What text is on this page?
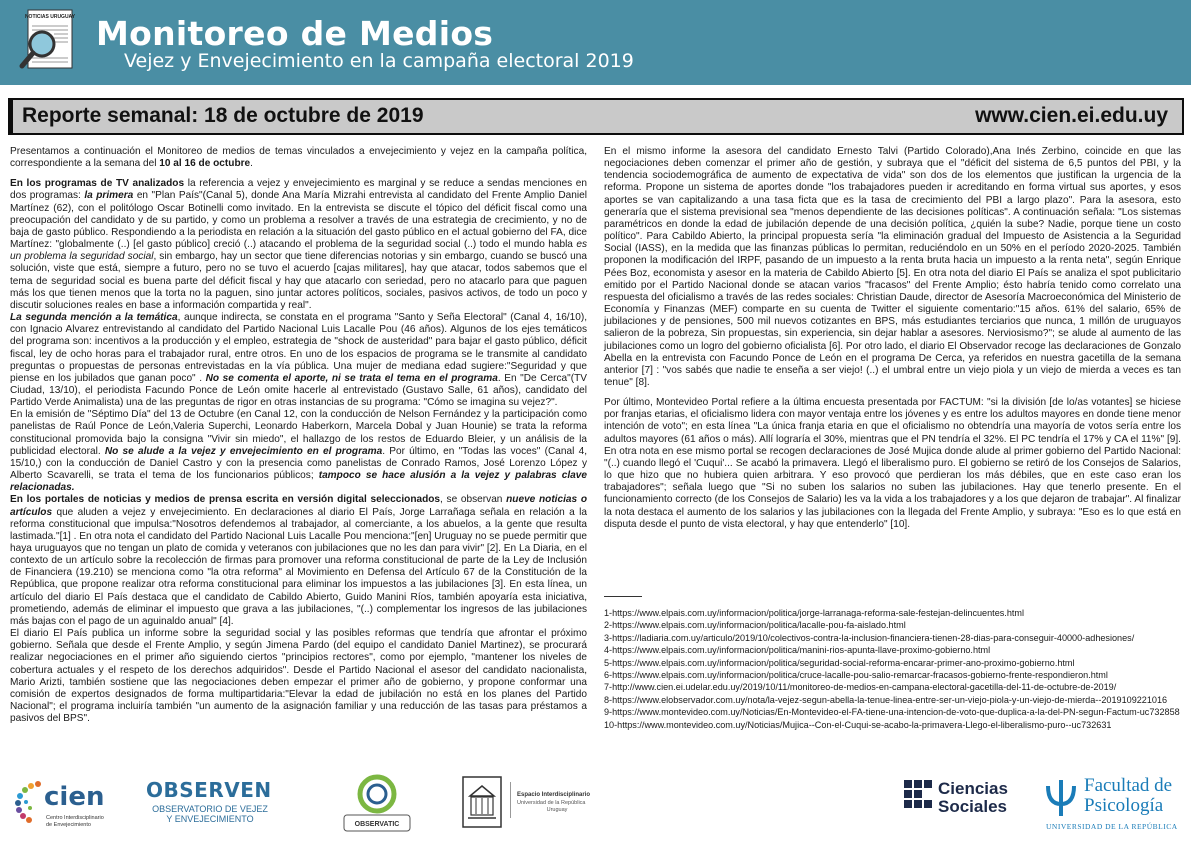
NOTICIAS URUGUAY Monitoreo de Medios
Vejez y Envejecimiento en la campaña electoral 2019
Reporte semanal: 18 de octubre de 2019	www.cien.ei.edu.uy

Presentamos a continuación el Monitoreo de medios de temas vinculados a envejecimiento y vejez en la campaña política, correspondiente a la semana del 10 al 16 de octubre.

En los programas de TV analizados la referencia a vejez y envejecimiento es marginal y se reduce a sendas menciones en dos programas: la primera en "Plan País"(Canal 5), donde Ana María Mizrahi entrevista al candidato del Frente Amplio Daniel Martínez (62), con el politólogo Oscar Botinelli como invitado. En la entrevista se discute el tópico del déficit fiscal como una preocupación del candidato y de su partido, y como un problema a resolver a través de una estrategia de crecimiento, y no de baja de gasto público. Respondiendo a la periodista en relación a la situación del gasto público en el actual gobierno del FA, dice Martínez: "globalmente (..) [el gasto público] creció (..) atacando el problema de la seguridad social (..) todo el mundo habla es un problema la seguridad social, sin embargo, hay un sector que tiene diferencias notorias y sin embargo, cuando se buscó una solución, viste que está, siempre a futuro, pero no se tuvo el acuerdo [cajas militares], hay que atacar, todos sabemos que el tema de seguridad social es buena parte del déficit fiscal y hay que atacarlo con seriedad, pero no atacarlo para que paguen más los que tienen menos que la torta no la paguen, sino juntar actores políticos, sociales, pasivos activos, de todo un poco y discutir soluciones reales en base a información compartida y real".

La segunda mención a la temática, aunque indirecta, se constata en el programa "Santo y Seña Electoral" (Canal 4, 16/10), con Ignacio Alvarez entrevistando al candidato del Partido Nacional Luis Lacalle Pou (46 años). Algunos de los ejes temáticos del programa son: incentivos a la producción y el empleo, estrategia de "shock de austeridad" para bajar el gasto público, déficit fiscal, ley de ocho horas para el trabajador rural, entre otros. En uno de los espacios de programa se le transmite al candidato preguntas o propuestas de personas entrevistadas en la vía pública. Una mujer de mediana edad sugiere:"Seguridad y que piense en los jubilados que ganan poco" . No se comenta el aporte, ni se trata el tema en el programa. En "De Cerca"(TV Ciudad, 13/10), el periodista Facundo Ponce de León omite hacerle al entrevistado (Gustavo Salle, 61 años), candidato del Partido Verde Animalista) una de las preguntas de rigor en otras instancias de su programa: "Cómo se imagina su vejez?".

En la emisión de "Séptimo Día" del 13 de Octubre (en Canal 12, con la conducción de Nelson Fernández y la participación como panelistas de Raúl Ponce de León,Valeria Superchi, Leonardo Haberkorn, Marcela Dobal y Juan Hounie) se trata la reforma constitucional promovida bajo la consigna "Vivir sin miedo", el hallazgo de los restos de Eduardo Bleier, y un análisis de la publicidad electoral. No se alude a la vejez y envejecimiento en el programa. Por último, en "Todas las voces" (Canal 4, 15/10,) con la conducción de Daniel Castro y con la presencia como panelistas de Conrado Ramos, José Lorenzo López y Alberto Scavarelli, se trata el tema de los funcionarios públicos; tampoco se hace alusión a la vejez y palabras clave relacionadas.

En los portales de noticias y medios de prensa escrita en versión digital seleccionados, se observan nueve noticias o artículos que aluden a vejez y envejecimiento. En declaraciones al diario El País, Jorge Larrañaga señala en relación a la reforma constitucional que impulsa:"Nosotros defendemos al trabajador, al comerciante, a los abuelos, a la gente que resulta lastimada."[1] . En otra nota el candidato del Partido Nacional Luis Lacalle Pou menciona:"[en] Uruguay no se puede permitir que haya uruguayos que no tengan un plato de comida y veteranos con jubilaciones que no les dan para vivir" [2]. En La Diaria, en el contexto de un artículo sobre la recolección de firmas para promover una reforma constitucional de parte de la Ley de Inclusión de Financiera (19.210) se menciona como "la otra reforma" al Movimiento en Defensa del Artículo 67 de la Constitución de la República, que propone realizar otra reforma constitucional para eliminar los impuestos a las jubilaciones [3]. En esta línea, un artículo del diario El País destaca que el candidato de Cabildo Abierto, Guido Manini Ríos, también apoyaría esta iniciativa, prometiendo, además de eliminar el impuesto que grava a las jubilaciones, "(..) complementar los ingresos de las jubilaciones más bajas con el pago de un aguinaldo anual" [4].

El diario El País publica un informe sobre la seguridad social y las posibles reformas que tendría que afrontar el próximo gobierno. Señala que desde el Frente Amplio, y según Jimena Pardo (del equipo el candidato Daniel Martinez), se procurará realizar negociaciones en el primer año siguiendo ciertos "principios rectores", como por ejemplo, "mantener los niveles de cobertura actuales y el respeto de los derechos adquiridos". Desde el Partido Nacional el asesor del candidato nacionalista, Mario Arizti, también sostiene que las negociaciones deben empezar el primer año de gobierno, y propone conformar una comisión de expertos designados de forma multipartidaria:"Elevar la edad de jubilación no está en los planes del Partido Nacional"; el programa incluiría también "un aumento de la asignación familiar y una reducción de las tasas para préstamos a pasivos del BPS".

En el mismo informe la asesora del candidato Ernesto Talvi (Partido Colorado),Ana Inés Zerbino, coincide en que las negociaciones deben comenzar el primer año de gestión, y subraya que el "déficit del sistema de 6,5 puntos del PBI, y la tendencia sociodemográfica de aumento de expectativa de vida" son dos de los elementos que justifican la urgencia de la reforma. Propone un sistema de aportes donde "los trabajadores pueden ir acreditando en forma virtual sus aportes, y esos aportes se van capitalizando a una tasa ficta que es la tasa de crecimiento del PBI a largo plazo". Para la asesora, esto generaría que el sistema previsional sea "menos dependiente de las decisiones políticas". A continuación señala: "Los sistemas paramétricos en donde la edad de jubilación depende de una decisión política, ¿quién la sube? Nadie, porque tiene un costo político". Para Cabildo Abierto, la principal propuesta sería "la eliminación gradual del Impuesto de Asistencia a la Seguridad Social (IASS), en la medida que las finanzas públicas lo permitan, reduciéndolo en un 50% en el período 2020-2025. También proponen la modificación del IRPF, pasando de un impuesto a la renta bruta hacia un impuesto a la renta neta", según Enrique Pées Boz, economista y asesor en la materia de Cabildo Abierto [5]. En otra nota del diario El País se analiza el spot publicitario emitido por el Partido Nacional donde se atacan varios "fracasos" del Frente Amplio; ésto habría tenido como correlato una respuesta del oficialismo a través de las redes sociales: Christian Daude, director de Asesoría Macroeconómica del Ministerio de Economía y Finanzas (MEF) comparte en su cuenta de Twitter el siguiente comentario:"15 años. 61% del salario, 65% de jubilaciones y de pensiones, 500 mil nuevos cotizantes en BPS, más estudiantes terciarios que nunca, 1 millón de uruguayos salieron de la pobreza, Sin propuestas, sin experiencia, sin dejar hablar a asesores. Nerviosismo?"; se alude al aumento de las jubilaciones como un logro del gobierno oficialista [6]. Por otro lado, el diario El Observador recoge las declaraciones de Gonzalo Abella en la entrevista con Facundo Ponce de León en el programa De Cerca, ya referidos en nuestra gacetilla de la semana anterior [7] : "vos sabés que nadie te enseña a ser viejo! (..) el umbral entre un viejo piola y un viejo de mierda a veces es tan tenue" [8].

Por último, Montevideo Portal refiere a la última encuesta presentada por FACTUM: "si la división [de lo/as votantes] se hiciese por franjas etarias, el oficialismo lidera con mayor ventaja entre los jóvenes y es entre los adultos mayores en donde tiene menor intención de voto"; en esta línea "La única franja etaria en que el oficialismo no obtendría una mayoría de votos sería entre los adultos mayores (61 años o más). Allí lograría el 30%, mientras que el PN tendría el 32%. El PC tendría el 17% y CA el 11%" [9]. En otra nota en ese mismo portal se recogen declaraciones de José Mujica donde alude al primer gobierno del Partido Nacional: "(..) cuando llegó el 'Cuqui'... Se acabó la primavera. Llegó el liberalismo puro. El gobierno se retiró de los Consejos de Salarios, lo que hizo que no hubiera quien arbitrara. Y eso provocó que perdieran los más débiles, que en este caso eran los trabajadores"; señala luego que "Si no suben los salarios no suben las jubilaciones. Hay que tenerlo presente. En el funcionamiento correcto (de los Consejos de Salario) les va la vida a los trabajadores y a los que dejaron de trabajar". Al finalizar la nota destaca el aumento de los salarios y las jubilaciones con la llegada del Frente Amplio, y subraya: "Eso es lo que está en disputa desde el punto de vista electoral, y hay que entenderlo" [10].

1-https://www.elpais.com.uy/informacion/politica/jorge-larranaga-reforma-sale-festejan-delincuentes.html
2-https://www.elpais.com.uy/informacion/politica/lacalle-pou-fa-aislado.html
3-https://ladiaria.com.uy/articulo/2019/10/colectivos-contra-la-inclusion-financiera-tienen-28-dias-para-conseguir-40000-adhesiones/
4-https://www.elpais.com.uy/informacion/politica/manini-rios-apunta-llave-proximo-gobierno.html
5-https://www.elpais.com.uy/informacion/politica/seguridad-social-reforma-encarar-primer-ano-proximo-gobierno.html
6-https://www.elpais.com.uy/informacion/politica/cruce-lacalle-pou-salio-remarcar-fracasos-gobierno-frente-respondieron.html
7-http://www.cien.ei.udelar.edu.uy/2019/10/11/monitoreo-de-medios-en-campana-electoral-gacetilla-del-11-de-octubre-de-2019/
8-https://www.elobservador.com.uy/nota/la-vejez-segun-abella-la-tenue-linea-entre-ser-un-viejo-piola-y-un-viejo-de-mierda--2019109221016
9-https://www.montevideo.com.uy/Noticias/En-Montevideo-el-FA-tiene-una-intencion-de-voto-que-duplica-a-la-del-PN-segun-Factum-uc732858
10-https://www.montevideo.com.uy/Noticias/Mujica--Con-el-Cuqui-se-acabo-la-primavera-Llego-el-liberalismo-puro--uc732631
cien
Centro Interdisciplinario
de Envejecimiento
OBSERVEN
OBSERVATORIO DE VEJEZ
Y ENVEJECIMIENTO
OBSERVATIC
Espacio Interdisciplinario
Universidad de la República
Uruguay
Ciencias
Sociales
Facultad de
Psicología
UNIVERSIDAD DE LA REPÚBLICA
